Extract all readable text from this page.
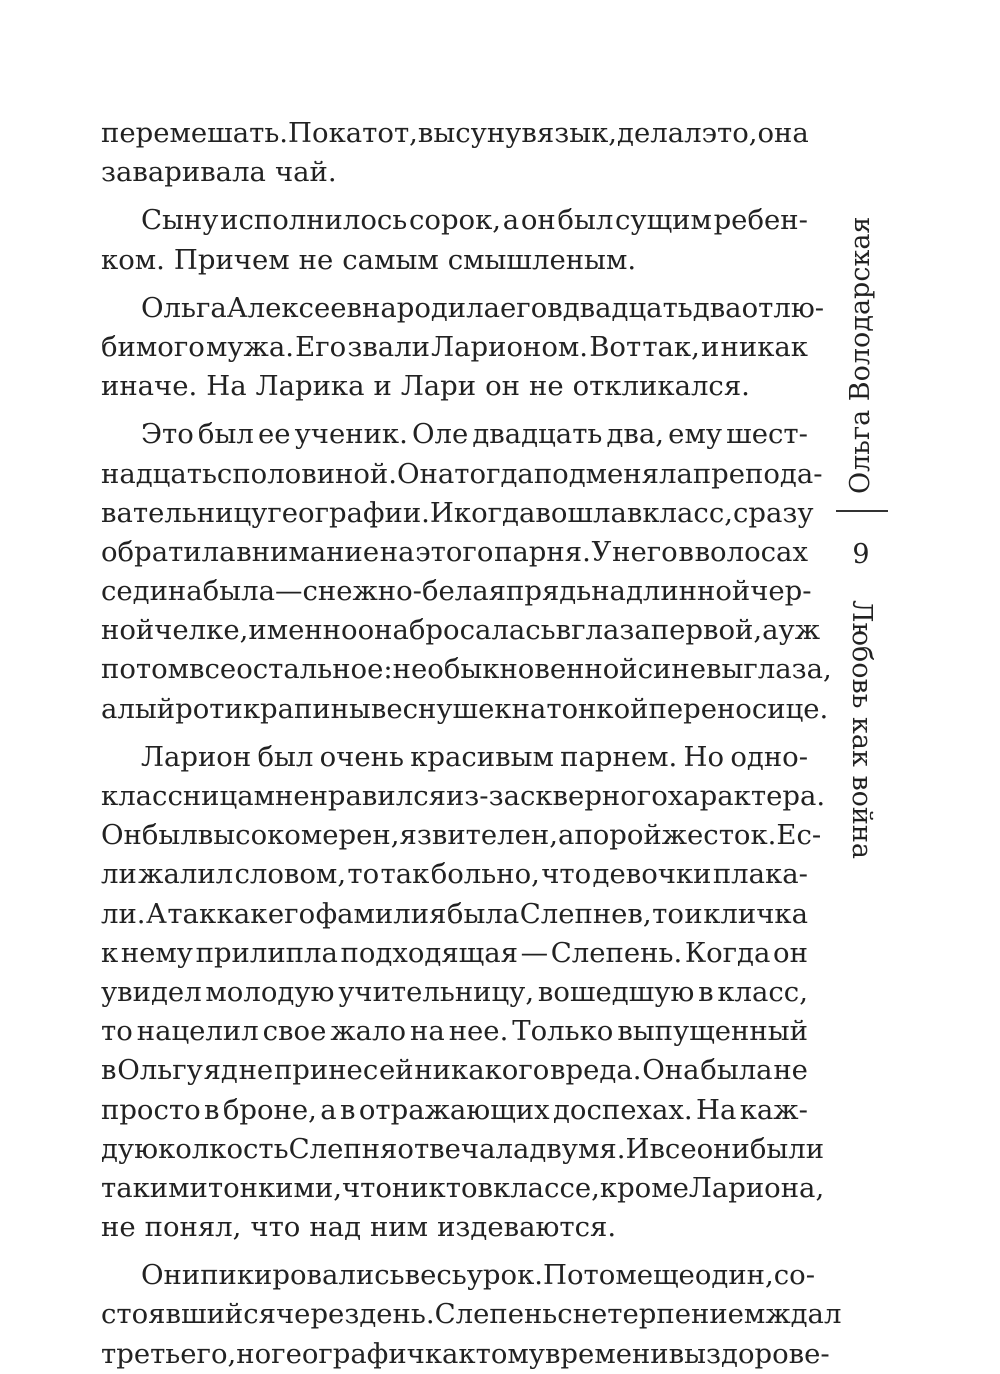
перемешать. Пока тот, высунув язык, делал это, она
заваривала чай.
Сыну исполнилось сорок, а он был сущим ребен-
ком. Причем не самым смышленым.
Ольга Алексеевна родила его в двадцать два от лю-
бимого мужа. Его звали Ларионом. Вот так, и никак
иначе. На Ларика и Лари он не откликался.
Это был ее ученик. Оле двадцать два, ему шест-
надцать с половиной. Она тогда подменяла препода-
вательницу географии. И когда вошла в класс, сразу
обратила внимание на этого парня. У него в волосах
седина была — снежно-белая прядь на длинной чер-
ной челке, именно она бросалась в глаза первой, а уж
потом все остальное: необыкновенной синевы глаза,
алый рот и крапины веснушек на тонкой переносице.
Ларион был очень красивым парнем. Но одно-
классницам не нравился из-за скверного характера.
Он был высокомерен, язвителен, а порой жесток. Ес-
ли жалил словом, то так больно, что девочки плака-
ли. А так как его фамилия была Слепнев, то и кличка
к нему прилипла подходящая — Слепень. Когда он
увидел молодую учительницу, вошедшую в класс,
то нацелил свое жало на нее. Только выпущенный
в Ольгу яд не принес ей никакого вреда. Она была не
просто в броне, а в отражающих доспехах. На каж-
дую колкость Слепня отвечала двумя. И все они были
такими тонкими, что никто в классе, кроме Лариона,
не понял, что над ним издеваются.
Они пикировались весь урок. Потом еще один, со-
стоявшийся через день. Слепень с нетерпением ждал
третьего, но географичка к тому времени выздорове-
Ольга Володарская
9
Любовь как война
